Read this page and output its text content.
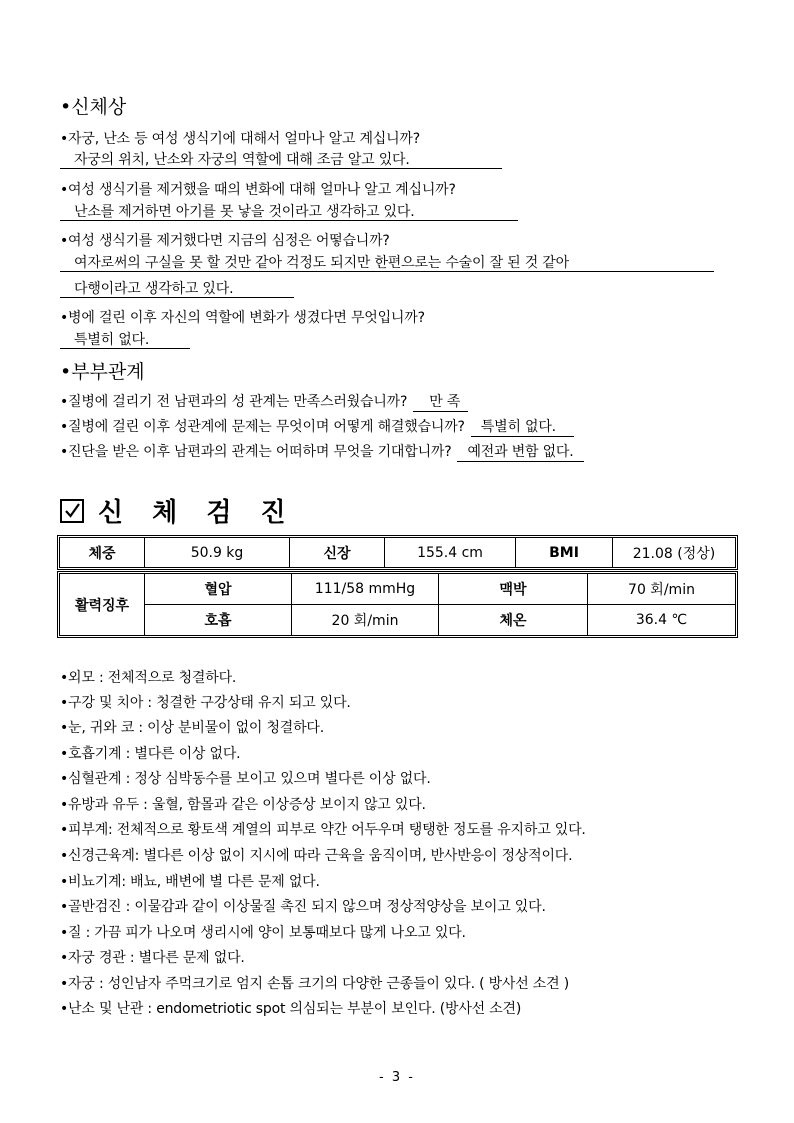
•신체상
•자궁, 난소 등 여성 생식기에 대해서 얼마나 알고 계십니까?
자궁의 위치, 난소와 자궁의 역할에 대해 조금 알고 있다.
•여성 생식기를 제거했을 때의 변화에 대해 얼마나 알고 계십니까?
난소를 제거하면 아기를 못 낳을 것이라고 생각하고 있다.
•여성 생식기를 제거했다면 지금의 심정은 어떻습니까?
여자로써의 구실을 못 할 것만 같아 걱정도 되지만 한편으로는 수술이 잘 된 것 같아
다행이라고 생각하고 있다.
•병에 걸린 이후 자신의 역할에 변화가 생겼다면 무엇입니까?
특별히 없다.
•부부관계
•질병에 걸리기 전 남편과의 성 관계는 만족스러웠습니까? 만 족
•질병에 걸린 이후 성관계에 문제는 무엇이며 어떻게 해결했습니까? 특별히 없다.
•진단을 받은 이후 남편과의 관계는 어떠하며 무엇을 기대합니까? 예전과 변함 없다.
신 체 검 진
체중	50.9 kg	신장	155.4 cm	BMI	21.08 (정상)
활력징후	혈압	111/58 mmHg	맥박	70 회/min
	호흡	20 회/min	체온	36.4 ℃
•외모 : 전체적으로 청결하다.
•구강 및 치아 : 청결한 구강상태 유지 되고 있다.
•눈, 귀와 코 : 이상 분비물이 없이 청결하다.
•호흡기계 : 별다른 이상 없다.
•심혈관계 : 정상 심박동수를 보이고 있으며 별다른 이상 없다.
•유방과 유두 : 울혈, 함몰과 같은 이상증상 보이지 않고 있다.
•피부계: 전체적으로 황토색 계열의 피부로 약간 어두우며 탱탱한 정도를 유지하고 있다.
•신경근육계: 별다른 이상 없이 지시에 따라 근육을 움직이며, 반사반응이 정상적이다.
•비뇨기계: 배뇨, 배변에 별 다른 문제 없다.
•골반검진 : 이물감과 같이 이상물질 촉진 되지 않으며 정상적양상을 보이고 있다.
•질 : 가끔 피가 나오며 생리시에 양이 보통때보다 많게 나오고 있다.
•자궁 경관 : 별다른 문제 없다.
•자궁 : 성인남자 주먹크기로 엄지 손톱 크기의 다양한 근종들이 있다. ( 방사선 소견 )
•난소 및 난관 : endometriotic spot 의심되는 부분이 보인다. (방사선 소견)
- 3 -
